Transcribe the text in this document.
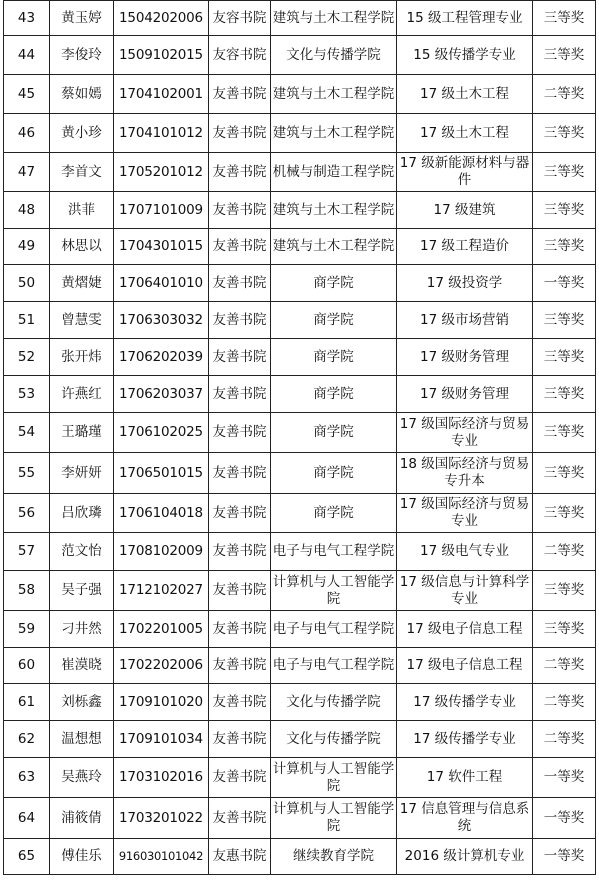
43	黄玉婷	1504202006	友容书院	建筑与土木工程学院	15 级工程管理专业	三等奖
44	李俊玲	1509102015	友容书院	文化与传播学院	15 级传播学专业	三等奖
45	蔡如嫣	1704102001	友善书院	建筑与土木工程学院	17 级土木工程	二等奖
46	黄小珍	1704101012	友善书院	建筑与土木工程学院	17 级土木工程	三等奖
47	李首文	1705201012	友善书院	机械与制造工程学院	17 级新能源材料与器件	三等奖
48	洪菲	1707101009	友善书院	建筑与土木工程学院	17 级建筑	三等奖
49	林思以	1704301015	友善书院	建筑与土木工程学院	17 级工程造价	三等奖
50	黄熠婕	1706401010	友善书院	商学院	17 级投资学	一等奖
51	曾慧雯	1706303032	友善书院	商学院	17 级市场营销	三等奖
52	张开炜	1706202039	友善书院	商学院	17 级财务管理	三等奖
53	许燕红	1706203037	友善书院	商学院	17 级财务管理	三等奖
54	王璐瑾	1706102025	友善书院	商学院	17 级国际经济与贸易专业	三等奖
55	李妍妍	1706501015	友善书院	商学院	18 级国际经济与贸易专升本	三等奖
56	吕欣璘	1706104018	友善书院	商学院	17 级国际经济与贸易专业	三等奖
57	范文怡	1708102009	友善书院	电子与电气工程学院	17 级电气专业	二等奖
58	吴子强	1712102027	友善书院	计算机与人工智能学院	17 级信息与计算科学专业	三等奖
59	刁井然	1702201005	友善书院	电子与电气工程学院	17 级电子信息工程	三等奖
60	崔漠晓	1702202006	友善书院	电子与电气工程学院	17 级电子信息工程	二等奖
61	刘栎鑫	1709101020	友善书院	文化与传播学院	17 级传播学专业	二等奖
62	温想想	1709101034	友善书院	文化与传播学院	17 级传播学专业	二等奖
63	吴燕玲	1703102016	友善书院	计算机与人工智能学院	17 软件工程	一等奖
64	浦筱倩	1703201022	友善书院	计算机与人工智能学院	17 信息管理与信息系统	一等奖
65	傅佳乐	916030101042	友惠书院	继续教育学院	2016 级计算机专业	一等奖
